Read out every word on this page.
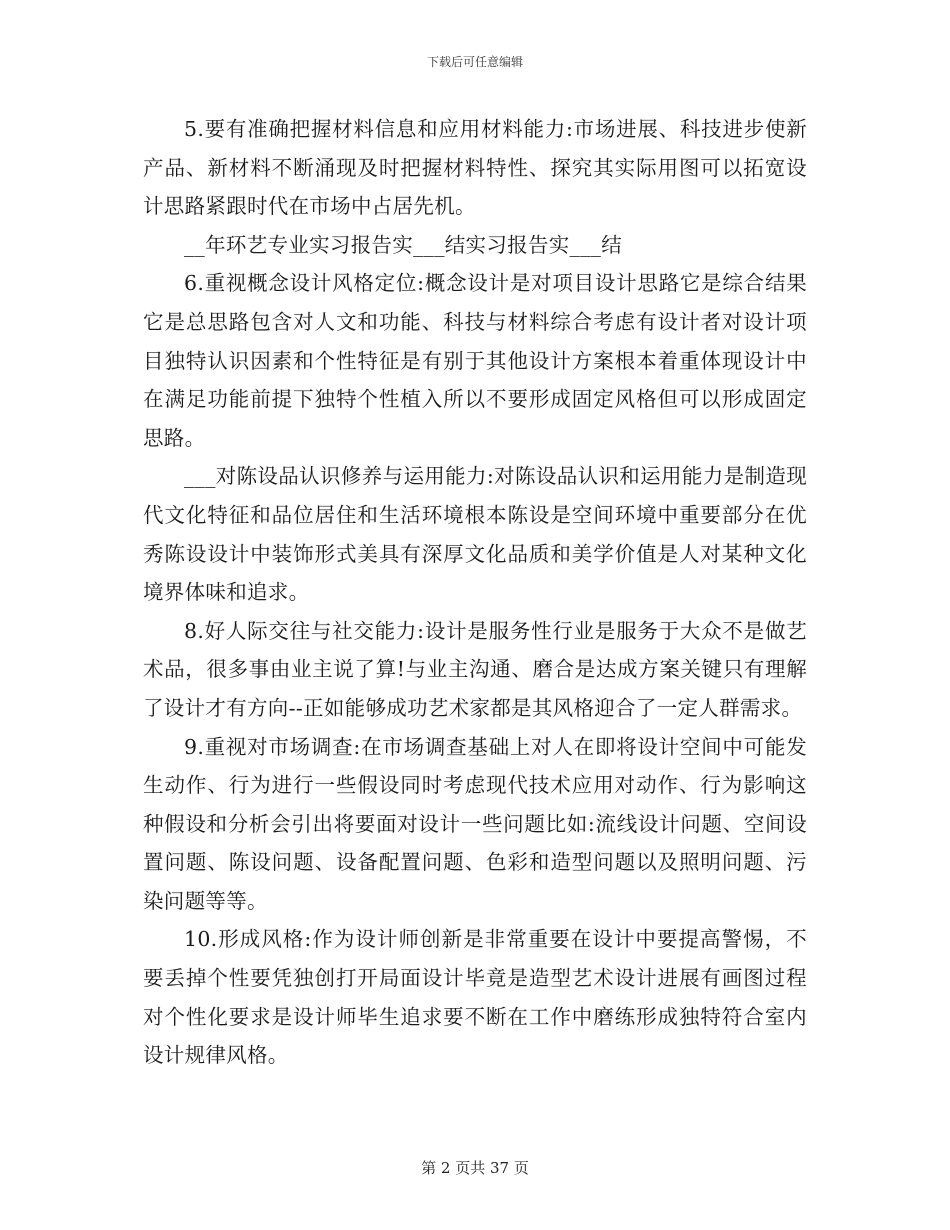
下载后可任意编辑

5.要有准确把握材料信息和应用材料能力:市场进展、科技进步使新产品、新材料不断涌现及时把握材料特性、探究其实际用图可以拓宽设计思路紧跟时代在市场中占居先机。

__年环艺专业实习报告实___结实习报告实___结

6.重视概念设计风格定位:概念设计是对项目设计思路它是综合结果它是总思路包含对人文和功能、科技与材料综合考虑有设计者对设计项目独特认识因素和个性特征是有别于其他设计方案根本着重体现设计中在满足功能前提下独特个性植入所以不要形成固定风格但可以形成固定思路。

___对陈设品认识修养与运用能力:对陈设品认识和运用能力是制造现代文化特征和品位居住和生活环境根本陈设是空间环境中重要部分在优秀陈设设计中装饰形式美具有深厚文化品质和美学价值是人对某种文化境界体味和追求。

8.好人际交往与社交能力:设计是服务性行业是服务于大众不是做艺术品，很多事由业主说了算!与业主沟通、磨合是达成方案关键只有理解了设计才有方向--正如能够成功艺术家都是其风格迎合了一定人群需求。

9.重视对市场调查:在市场调查基础上对人在即将设计空间中可能发生动作、行为进行一些假设同时考虑现代技术应用对动作、行为影响这种假设和分析会引出将要面对设计一些问题比如:流线设计问题、空间设置问题、陈设问题、设备配置问题、色彩和造型问题以及照明问题、污染问题等等。

10.形成风格:作为设计师创新是非常重要在设计中要提高警惕，不要丢掉个性要凭独创打开局面设计毕竟是造型艺术设计进展有画图过程对个性化要求是设计师毕生追求要不断在工作中磨练形成独特符合室内设计规律风格。

第 2 页共 37 页
